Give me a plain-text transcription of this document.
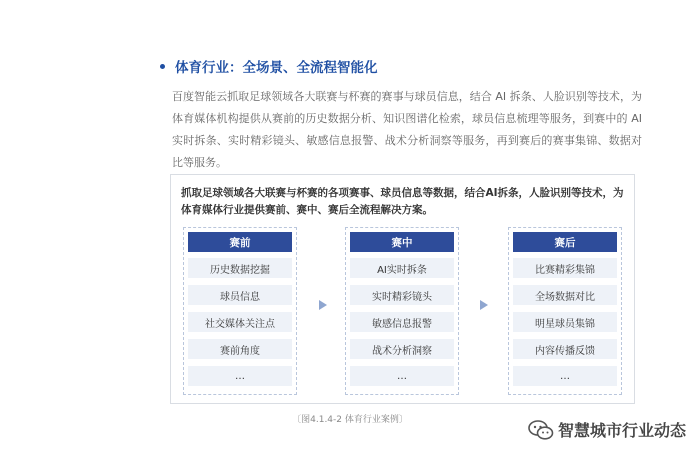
体育行业：全场景、全流程智能化
百度智能云抓取足球领域各大联赛与杯赛的赛事与球员信息，结合 AI 拆条、人脸识别等技术，为体育媒体机构提供从赛前的历史数据分析、知识图谱化检索，球员信息梳理等服务，到赛中的 AI 实时拆条、实时精彩镜头、敏感信息报警、战术分析洞察等服务，再到赛后的赛事集锦、数据对比等服务。
抓取足球领域各大联赛与杯赛的各项赛事、球员信息等数据，结合AI拆条，人脸识别等技术，为体育媒体行业提供赛前、赛中、赛后全流程解决方案。
赛前
历史数据挖掘
球员信息
社交媒体关注点
赛前角度
…
赛中
AI实时拆条
实时精彩镜头
敏感信息报警
战术分析洞察
…
赛后
比赛精彩集锦
全场数据对比
明星球员集锦
内容传播反馈
…
〔图4.1.4-2 体育行业案例〕
智慧城市行业动态
